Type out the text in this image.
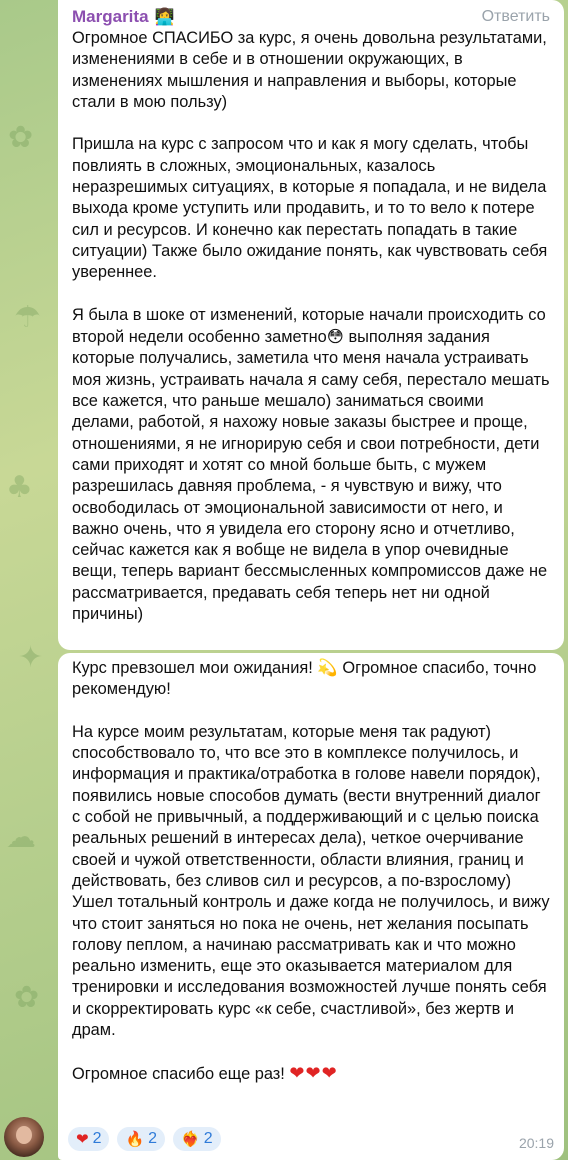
✿
☂
♣
✦
☁
✿
Margarita 👩‍💻	Ответить

Огромное СПАСИБО за курс, я очень довольна результатами, изменениями в себе и в отношении окружающих, в изменениях мышления и направления и выборы, которые стали в мою пользу)

Пришла на курс с запросом что и как я могу сделать, чтобы повлиять в сложных, эмоциональных, казалось неразрешимых ситуациях, в которые я попадала, и не видела выхода кроме уступить или продавить, и то то вело к потере сил и ресурсов. И конечно как перестать попадать в такие ситуации) Также было ожидание понять, как чувствовать себя увереннее.

Я была в шоке от изменений, которые начали происходить со второй недели особенно заметно😳 выполняя задания которые получались, заметила что меня начала устраивать моя жизнь, устраивать начала я саму себя, перестало мешать все кажется, что раньше мешало) заниматься своими делами, работой, я нахожу новые заказы быстрее и проще, отношениями, я не игнорирую себя и свои потребности, дети сами приходят и хотят со мной больше быть, с мужем разрешилась давняя проблема, - я чувствую и вижу, что освободилась от эмоциональной зависимости от него, и важно очень, что я увидела его сторону ясно и отчетливо, сейчас кажется как я вобще не видела в упор очевидные вещи, теперь вариант бессмысленных компромиссов даже не рассматривается, предавать себя теперь нет ни одной причины)

Курс превзошел мои ожидания! 💫 Огромное спасибо, точно рекомендую!

На курсе моим результатам, которые меня так радуют) способствовало то, что все это в комплексе получилось, и информация и практика/отработка в голове навели порядок), появились новые способов думать (вести внутренний диалог с собой не привычный, а поддерживающий и с целью поиска реальных решений в интересах дела), четкое очерчивание своей и чужой ответственности, области влияния, границ и действовать, без сливов сил и ресурсов, а по-взрослому) Ушел тотальный контроль и даже когда не получилось, и вижу что стоит заняться но пока не очень, нет желания посыпать голову пеплом, а начинаю рассматривать как и что можно реально изменить, еще это оказывается материалом для тренировки и исследования возможностей лучше понять себя и скорректировать курс «к себе, счастливой», без жертв и драм.

Огромное спасибо еще раз! ❤❤❤

❤ 2 🔥 2 ❤‍🔥 2	20:19
